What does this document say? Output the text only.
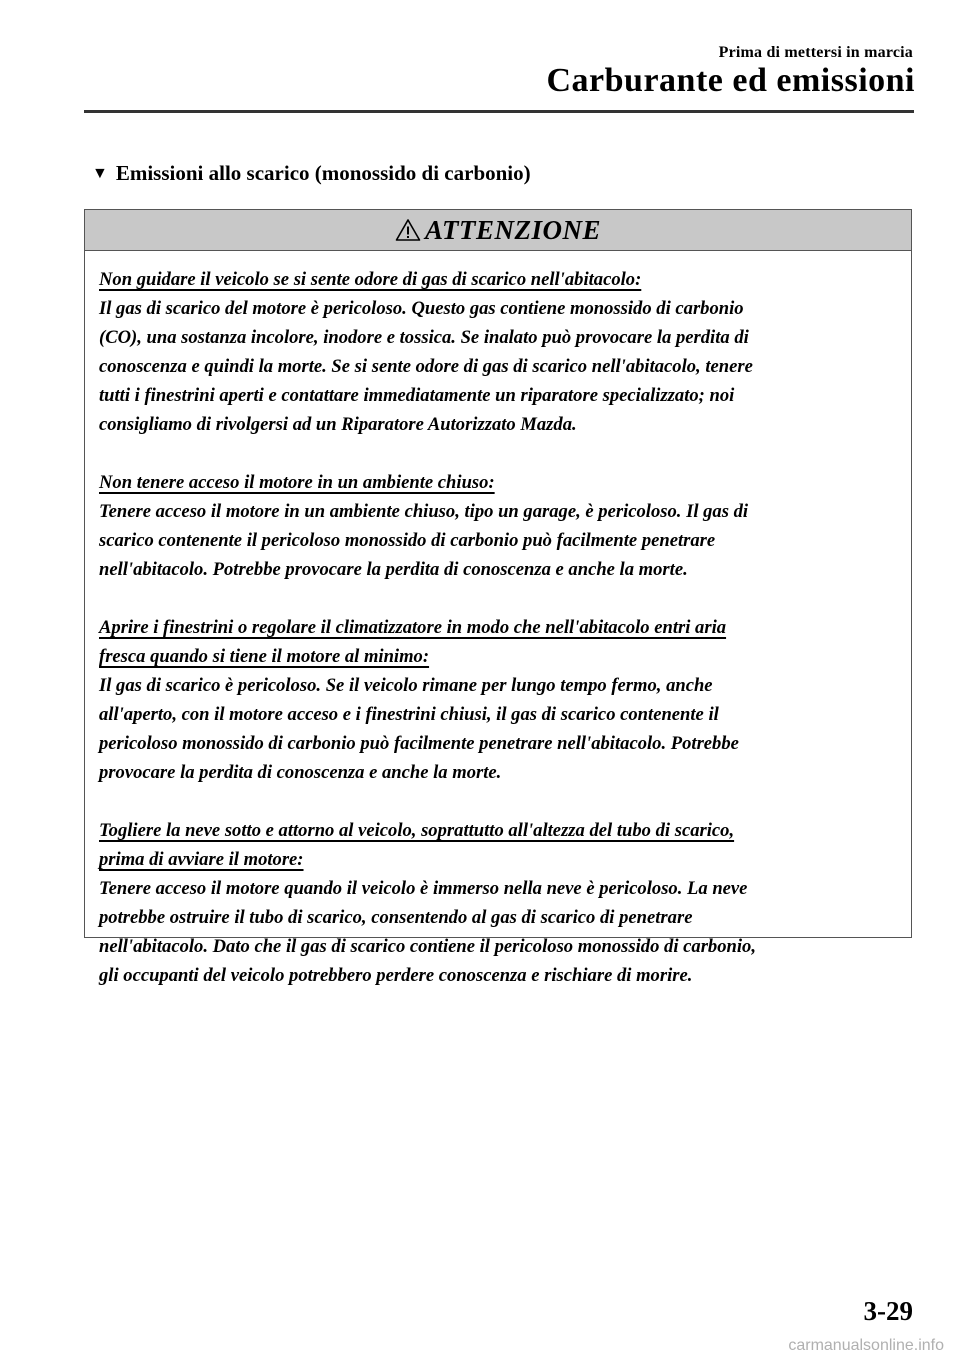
Prima di mettersi in marcia
Carburante ed emissioni
▼ Emissioni allo scarico (monossido di carbonio)
ATTENZIONE
Non guidare il veicolo se si sente odore di gas di scarico nell'abitacolo:
Il gas di scarico del motore è pericoloso. Questo gas contiene monossido di carbonio
(CO), una sostanza incolore, inodore e tossica. Se inalato può provocare la perdita di
conoscenza e quindi la morte. Se si sente odore di gas di scarico nell'abitacolo, tenere
tutti i finestrini aperti e contattare immediatamente un riparatore specializzato; noi
consigliamo di rivolgersi ad un Riparatore Autorizzato Mazda.
Non tenere acceso il motore in un ambiente chiuso:
Tenere acceso il motore in un ambiente chiuso, tipo un garage, è pericoloso. Il gas di
scarico contenente il pericoloso monossido di carbonio può facilmente penetrare
nell'abitacolo. Potrebbe provocare la perdita di conoscenza e anche la morte.
Aprire i finestrini o regolare il climatizzatore in modo che nell'abitacolo entri aria
fresca quando si tiene il motore al minimo:
Il gas di scarico è pericoloso. Se il veicolo rimane per lungo tempo fermo, anche
all'aperto, con il motore acceso e i finestrini chiusi, il gas di scarico contenente il
pericoloso monossido di carbonio può facilmente penetrare nell'abitacolo. Potrebbe
provocare la perdita di conoscenza e anche la morte.
Togliere la neve sotto e attorno al veicolo, soprattutto all'altezza del tubo di scarico,
prima di avviare il motore:
Tenere acceso il motore quando il veicolo è immerso nella neve è pericoloso. La neve
potrebbe ostruire il tubo di scarico, consentendo al gas di scarico di penetrare
nell'abitacolo. Dato che il gas di scarico contiene il pericoloso monossido di carbonio,
gli occupanti del veicolo potrebbero perdere conoscenza e rischiare di morire.
3-29
carmanualsonline.info
